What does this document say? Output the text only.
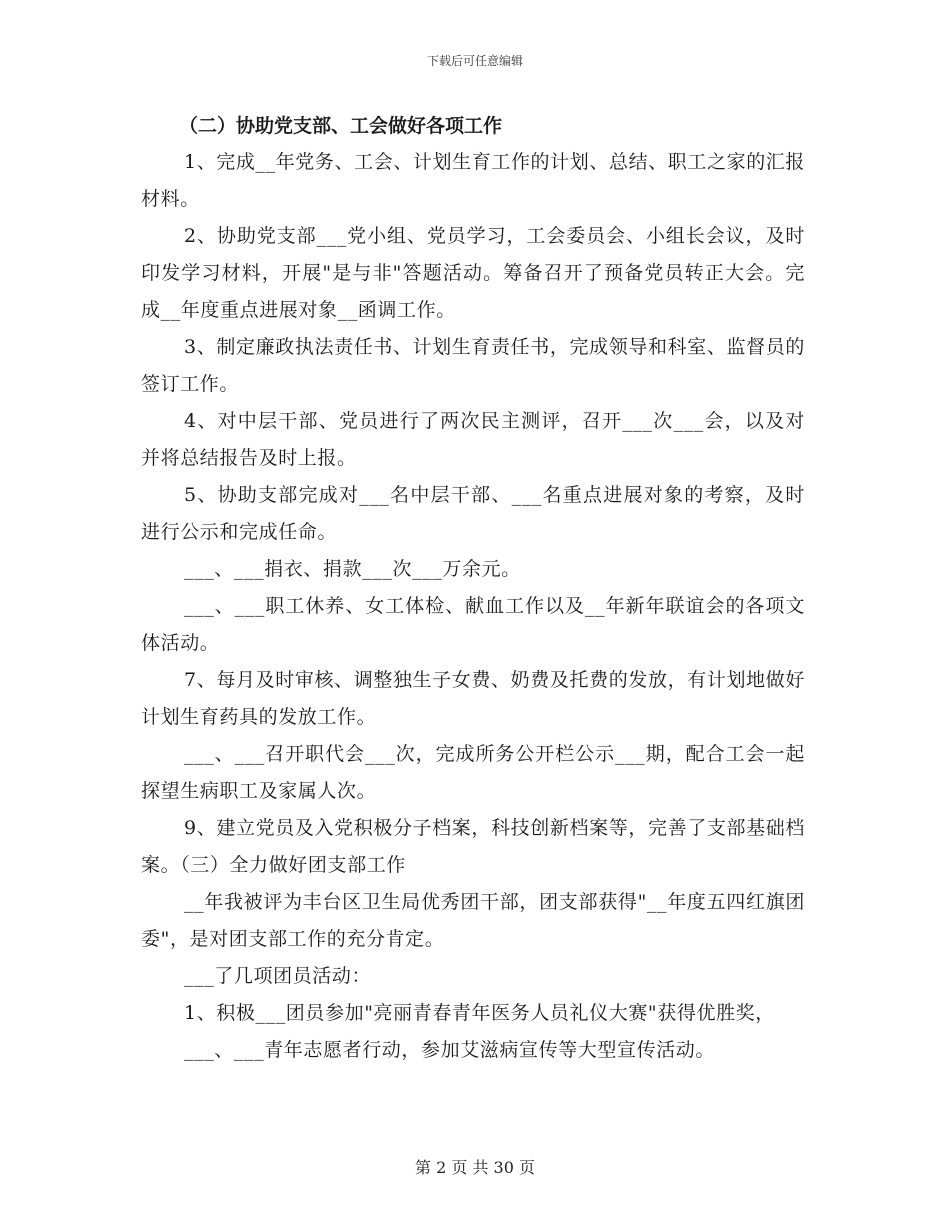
下载后可任意编辑
（二）协助党支部、工会做好各项工作

1、完成__年党务、工会、计划生育工作的计划、总结、职工之家的汇报材料。

2、协助党支部___党小组、党员学习，工会委员会、小组长会议，及时印发学习材料，开展"是与非"答题活动。筹备召开了预备党员转正大会。完成__年度重点进展对象__函调工作。

3、制定廉政执法责任书、计划生育责任书，完成领导和科室、监督员的签订工作。

4、对中层干部、党员进行了两次民主测评，召开___次___会，以及对并将总结报告及时上报。

5、协助支部完成对___名中层干部、___名重点进展对象的考察，及时进行公示和完成任命。

___、___捐衣、捐款___次___万余元。

___、___职工休养、女工体检、献血工作以及__年新年联谊会的各项文体活动。

7、每月及时审核、调整独生子女费、奶费及托费的发放，有计划地做好计划生育药具的发放工作。

___、___召开职代会___次，完成所务公开栏公示___期，配合工会一起探望生病职工及家属人次。

9、建立党员及入党积极分子档案，科技创新档案等，完善了支部基础档案。（三）全力做好团支部工作

__年我被评为丰台区卫生局优秀团干部，团支部获得"__年度五四红旗团委"，是对团支部工作的充分肯定。

___了几项团员活动：

1、积极___团员参加"亮丽青春青年医务人员礼仪大赛"获得优胜奖，

___、___青年志愿者行动，参加艾滋病宣传等大型宣传活动。

第 2 页 共 30 页
